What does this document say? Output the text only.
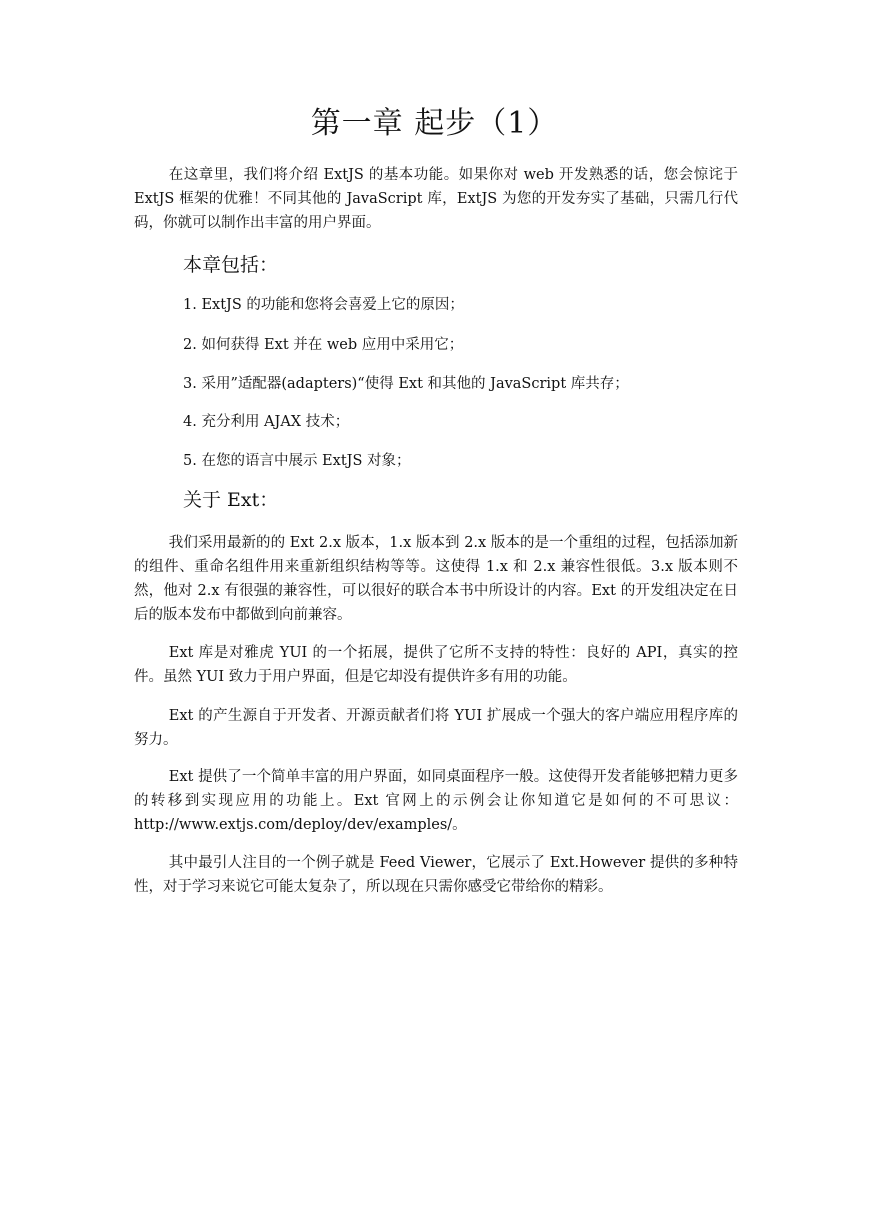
第一章 起步（1）

在这章里，我们将介绍 ExtJS 的基本功能。如果你对 web 开发熟悉的话，您会惊诧于 ExtJS 框架的优雅！不同其他的 JavaScript 库，ExtJS 为您的开发夯实了基础，只需几行代码，你就可以制作出丰富的用户界面。

本章包括：

1. ExtJS 的功能和您将会喜爱上它的原因；

2. 如何获得 Ext 并在 web 应用中采用它；

3. 采用”适配器(adapters)“使得 Ext 和其他的 JavaScript 库共存；

4. 充分利用 AJAX 技术；

5. 在您的语言中展示 ExtJS 对象；

关于 Ext：

我们采用最新的的 Ext 2.x 版本，1.x 版本到 2.x 版本的是一个重组的过程，包括添加新的组件、重命名组件用来重新组织结构等等。这使得 1.x 和 2.x 兼容性很低。3.x 版本则不然，他对 2.x 有很强的兼容性，可以很好的联合本书中所设计的内容。Ext 的开发组决定在日后的版本发布中都做到向前兼容。

Ext 库是对雅虎 YUI 的一个拓展，提供了它所不支持的特性：良好的 API，真实的控件。虽然 YUI 致力于用户界面，但是它却没有提供许多有用的功能。

Ext 的产生源自于开发者、开源贡献者们将 YUI 扩展成一个强大的客户端应用程序库的努力。

Ext 提供了一个简单丰富的用户界面，如同桌面程序一般。这使得开发者能够把精力更多的转移到实现应用的功能上。Ext 官网上的示例会让你知道它是如何的不可思议：http://www.extjs.com/deploy/dev/examples/。

其中最引人注目的一个例子就是 Feed Viewer，它展示了 Ext.However 提供的多种特性，对于学习来说它可能太复杂了，所以现在只需你感受它带给你的精彩。
